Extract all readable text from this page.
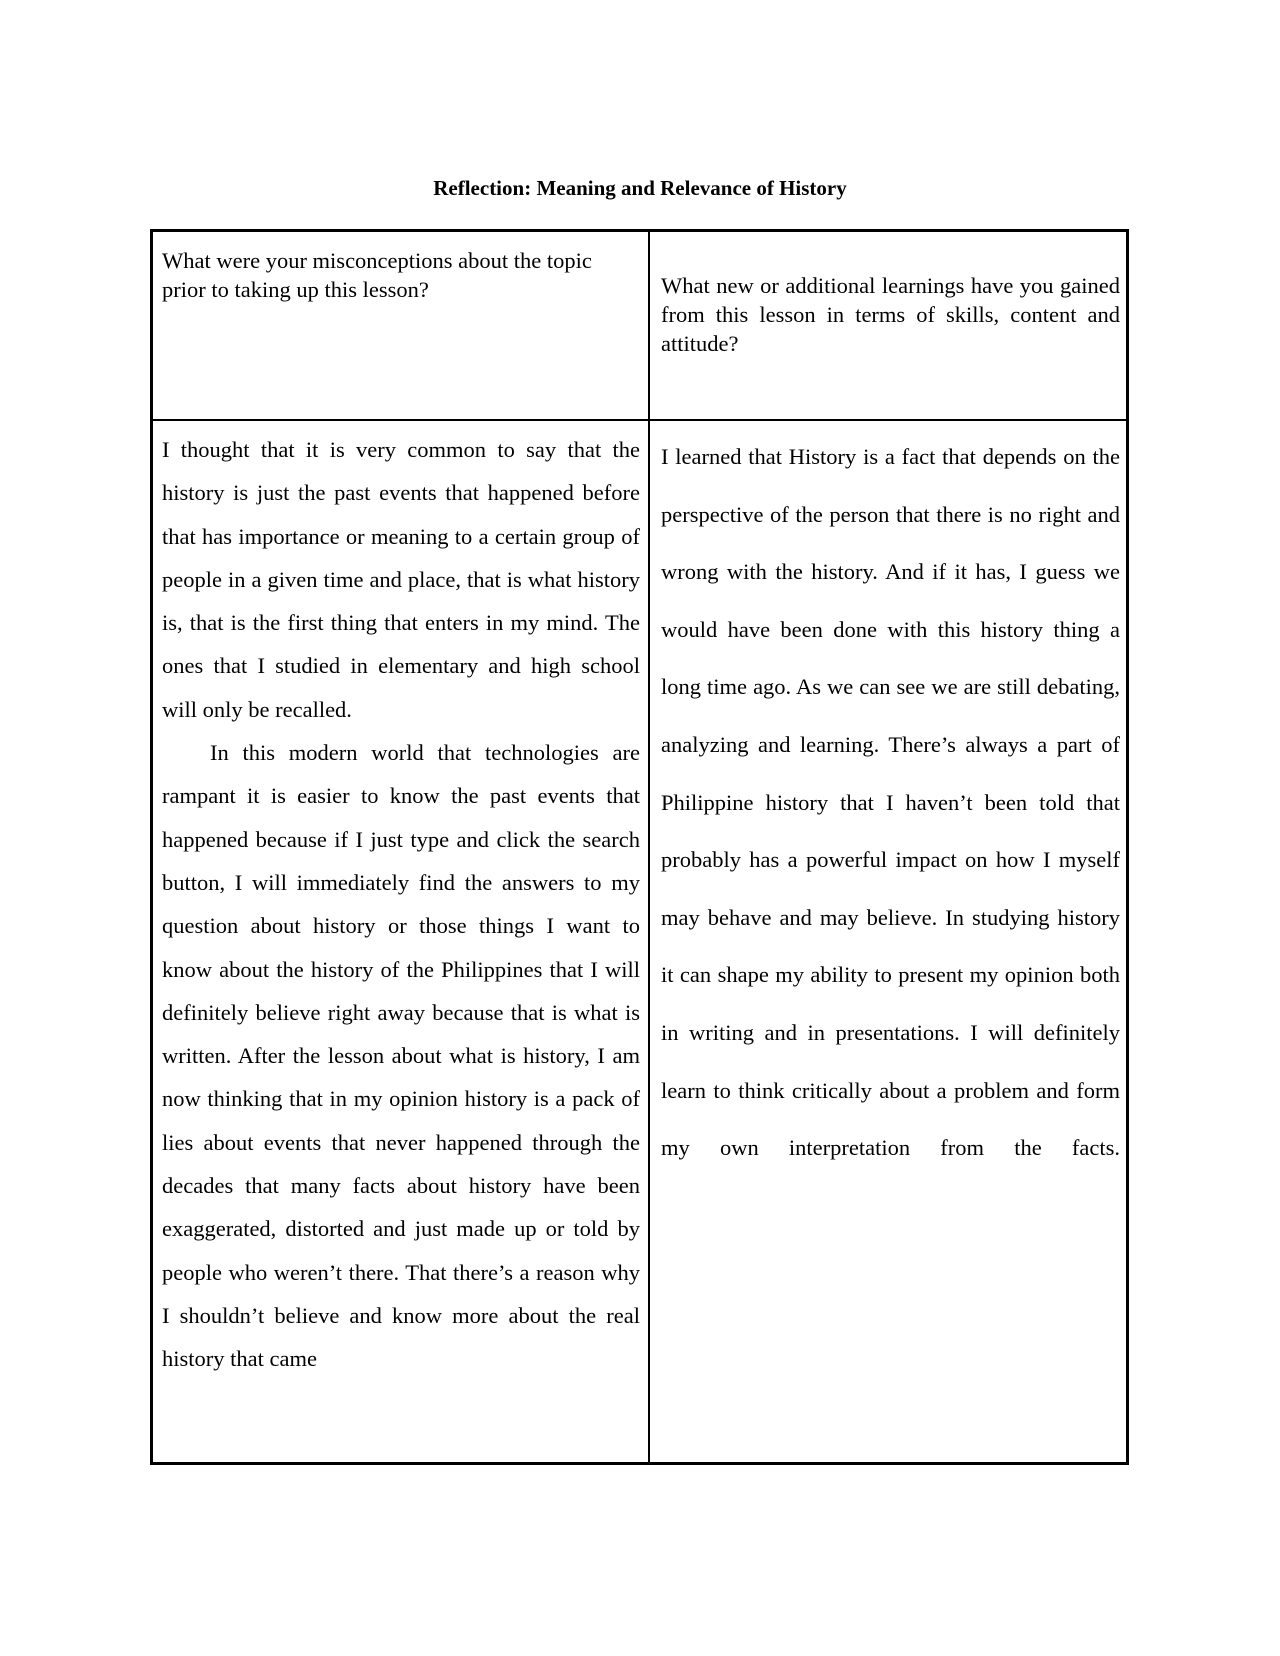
Reflection: Meaning and Relevance of History
What were your misconceptions about the topic prior to taking up this lesson?	What new or additional learnings have you gained from this lesson in terms of skills, content and attitude?

I thought that it is very common to say that the history is just the past events that happened before that has importance or meaning to a certain group of people in a given time and place, that is what history is, that is the first thing that enters in my mind. The ones that I studied in elementary and high school will only be recalled.

In this modern world that technologies are rampant it is easier to know the past events that happened because if I just type and click the search button, I will immediately find the answers to my question about history or those things I want to know about the history of the Philippines that I will definitely believe right away because that is what is written. After the lesson about what is history, I am now thinking that in my opinion history is a pack of lies about events that never happened through the decades that many facts about history have been exaggerated, distorted and just made up or told by people who weren’t there. That there’s a reason why I shouldn’t believe and know more about the real history that came

I learned that History is a fact that depends on the perspective of the person that there is no right and wrong with the history. And if it has, I guess we would have been done with this history thing a long time ago. As we can see we are still debating, analyzing and learning. There’s always a part of Philippine history that I haven’t been told that probably has a powerful impact on how I myself may behave and may believe. In studying history it can shape my ability to present my opinion both in writing and in presentations. I will definitely learn to think critically about a problem and form my own interpretation from the facts.
